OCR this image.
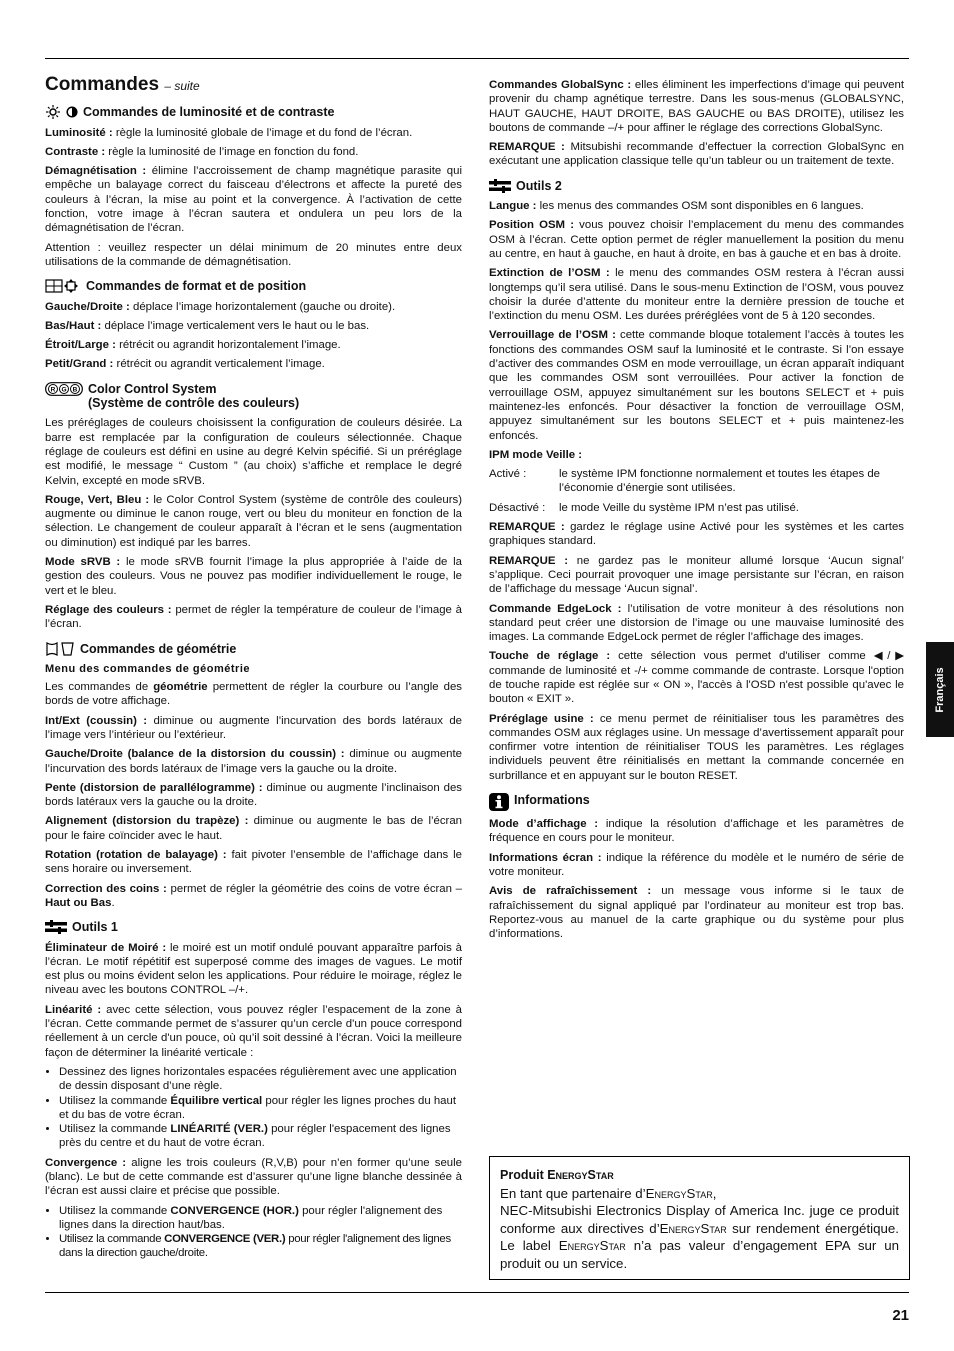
Commandes – suite
Commandes de luminosité et de contraste

Luminosité : règle la luminosité globale de l’image et du fond de l’écran.

Contraste : règle la luminosité de l’image en fonction du fond.

Démagnétisation : élimine l’accroissement de champ magnétique parasite qui empêche un balayage correct du faisceau d’électrons et affecte la pureté des couleurs à l’écran, la mise au point et la convergence. À l’activation de cette fonction, votre image à l’écran sautera et ondulera un peu lors de la démagnétisation de l’écran.

Attention : veuillez respecter un délai minimum de 20 minutes entre deux utilisations de la commande de démagnétisation.

Commandes de format et de position

Gauche/Droite : déplace l’image horizontalement (gauche ou droite).

Bas/Haut : déplace l’image verticalement vers le haut ou le bas.

Étroit/Large : rétrécit ou agrandit horizontalement l’image.

Petit/Grand : rétrécit ou agrandit verticalement l’image.

R G B Color Control System
(Système de contrôle des couleurs)

Les préréglages de couleurs choisissent la configuration de couleurs désirée. La barre est remplacée par la configuration de couleurs sélectionnée. Chaque réglage de couleurs est défini en usine au degré Kelvin spécifié. Si un préréglage est modifié, le message “ Custom ” (au choix) s’affiche et remplace le degré Kelvin, excepté en mode sRVB.

Rouge, Vert, Bleu : le Color Control System (système de contrôle des couleurs) augmente ou diminue le canon rouge, vert ou bleu du moniteur en fonction de la sélection. Le changement de couleur apparaît à l’écran et le sens (augmentation ou diminution) est indiqué par les barres.

Mode sRVB : le mode sRVB fournit l’image la plus appropriée à l’aide de la gestion des couleurs. Vous ne pouvez pas modifier individuellement le rouge, le vert et le bleu.

Réglage des couleurs : permet de régler la température de couleur de l’image à l’écran.

Commandes de géométrie
Menu des commandes de géométrie

Les commandes de géométrie permettent de régler la courbure ou l’angle des bords de votre affichage.

Int/Ext (coussin) : diminue ou augmente l’incurvation des bords latéraux de l’image vers l’intérieur ou l’extérieur.

Gauche/Droite (balance de la distorsion du coussin) : diminue ou augmente l’incurvation des bords latéraux de l’image vers la gauche ou la droite.

Pente (distorsion de parallélogramme) : diminue ou augmente l’inclinaison des bords latéraux vers la gauche ou la droite.

Alignement (distorsion du trapèze) : diminue ou augmente le bas de l’écran pour le faire coïncider avec le haut.

Rotation (rotation de balayage) : fait pivoter l’ensemble de l’affichage dans le sens horaire ou inversement.

Correction des coins : permet de régler la géométrie des coins de votre écran – Haut ou Bas.

Outils 1

Éliminateur de Moiré : le moiré est un motif ondulé pouvant apparaître parfois à l’écran. Le motif répétitif est superposé comme des images de vagues. Le motif est plus ou moins évident selon les applications. Pour réduire le moirage, réglez le niveau avec les boutons CONTROL –/+.

Linéarité : avec cette sélection, vous pouvez régler l’espacement de la zone à l’écran. Cette commande permet de s’assurer qu’un cercle d'un pouce correspond réellement à un cercle d'un pouce, où qu’il soit dessiné à l’écran. Voici la meilleure façon de déterminer la linéarité verticale :

• Dessinez des lignes horizontales espacées régulièrement avec une application de dessin disposant d’une règle.
• Utilisez la commande Équilibre vertical pour régler les lignes proches du haut et du bas de votre écran.
• Utilisez la commande LINÉARITÉ (VER.) pour régler l'espacement des lignes près du centre et du haut de votre écran.

Convergence : aligne les trois couleurs (R,V,B) pour n’en former qu’une seule (blanc). Le but de cette commande est d’assurer qu’une ligne blanche dessinée à l’écran est aussi claire et précise que possible.

• Utilisez la commande CONVERGENCE (HOR.) pour régler l'alignement des lignes dans la direction haut/bas.
• Utilisez la commande CONVERGENCE (VER.) pour régler l'alignement des lignes dans la direction gauche/droite.

Commandes GlobalSync : elles éliminent les imperfections d’image qui peuvent provenir du champ agnétique terrestre. Dans les sous-menus (GLOBALSYNC, HAUT GAUCHE, HAUT DROITE, BAS GAUCHE ou BAS DROITE), utilisez les boutons de commande –/+ pour affiner le réglage des corrections GlobalSync.

REMARQUE : Mitsubishi recommande d’effectuer la correction GlobalSync en exécutant une application classique telle qu’un tableur ou un traitement de texte.

Outils 2

Langue : les menus des commandes OSM sont disponibles en 6 langues.

Position OSM : vous pouvez choisir l’emplacement du menu des commandes OSM à l’écran. Cette option permet de régler manuellement la position du menu au centre, en haut à gauche, en haut à droite, en bas à gauche et en bas à droite.

Extinction de l’OSM : le menu des commandes OSM restera à l’écran aussi longtemps qu’il sera utilisé. Dans le sous-menu Extinction de l’OSM, vous pouvez choisir la durée d’attente du moniteur entre la dernière pression de touche et l’extinction du menu OSM. Les durées préréglées vont de 5 à 120 secondes.

Verrouillage de l’OSM : cette commande bloque totalement l’accès à toutes les fonctions des commandes OSM sauf la luminosité et le contraste. Si l’on essaye d’activer des commandes OSM en mode verrouillage, un écran apparaît indiquant que les commandes OSM sont verrouillées. Pour activer la fonction de verrouillage OSM, appuyez simultanément sur les boutons SELECT et + puis maintenez-les enfoncés. Pour désactiver la fonction de verrouillage OSM, appuyez simultanément sur les boutons SELECT et + puis maintenez-les enfoncés.

IPM mode Veille :

Activé :	le système IPM fonctionne normalement et toutes les étapes de l’économie d’énergie sont utilisées.
Désactivé :	le mode Veille du système IPM n’est pas utilisé.

REMARQUE : gardez le réglage usine Activé pour les systèmes et les cartes graphiques standard.

REMARQUE : ne gardez pas le moniteur allumé lorsque ‘Aucun signal’ s’applique. Ceci pourrait provoquer une image persistante sur l’écran, en raison de l’affichage du message ‘Aucun signal’.

Commande EdgeLock : l’utilisation de votre moniteur à des résolutions non standard peut créer une distorsion de l’image ou une mauvaise luminosité des images. La commande EdgeLock permet de régler l’affichage des images.

Touche de réglage : cette sélection vous permet d'utiliser comme ◀/▶ commande de luminosité et -/+ comme commande de contraste. Lorsque l'option de touche rapide est réglée sur « ON », l'accès à l'OSD n'est possible qu'avec le bouton « EXIT ».

Préréglage usine : ce menu permet de réinitialiser tous les paramètres des commandes OSM aux réglages usine. Un message d’avertissement apparaît pour confirmer votre intention de réinitialiser TOUS les paramètres. Les réglages individuels peuvent être réinitialisés en mettant la commande concernée en surbrillance et en appuyant sur le bouton RESET.

Informations

Mode d’affichage : indique la résolution d’affichage et les paramètres de fréquence en cours pour le moniteur.

Informations écran : indique la référence du modèle et le numéro de série de votre moniteur.

Avis de rafraîchissement : un message vous informe si le taux de rafraîchissement du signal appliqué par l’ordinateur au moniteur est trop bas. Reportez-vous au manuel de la carte graphique ou du système pour plus d’informations.

Produit EnergyStar

En tant que partenaire d’EnergyStar,

NEC-Mitsubishi Electronics Display of America Inc. juge ce produit conforme aux directives d’EnergyStar sur rendement énergétique. Le label EnergyStar n’a pas valeur d’engagement EPA sur un produit ou un service.

Français
21
